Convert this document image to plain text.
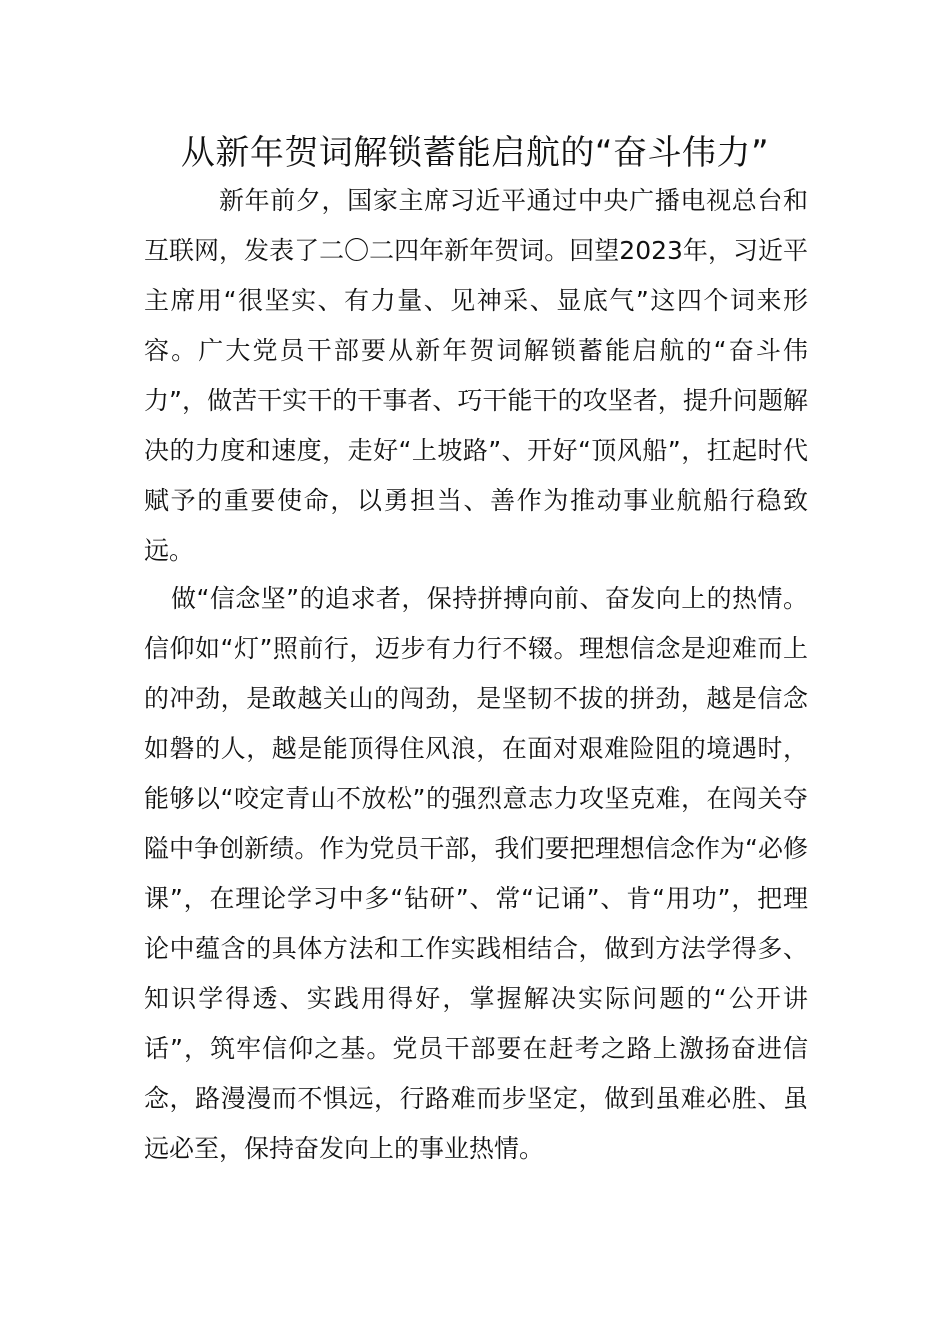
从新年贺词解锁蓄能启航的“奋斗伟力”

新年前夕，国家主席习近平通过中央广播电视总台和互联网，发表了二〇二四年新年贺词。回望2023年，习近平主席用“很坚实、有力量、见神采、显底气”这四个词来形容。广大党员干部要从新年贺词解锁蓄能启航的“奋斗伟力”，做苦干实干的干事者、巧干能干的攻坚者，提升问题解决的力度和速度，走好“上坡路”、开好“顶风船”，扛起时代赋予的重要使命，以勇担当、善作为推动事业航船行稳致远。

做“信念坚”的追求者，保持拼搏向前、奋发向上的热情。信仰如“灯”照前行，迈步有力行不辍。理想信念是迎难而上的冲劲，是敢越关山的闯劲，是坚韧不拔的拼劲，越是信念如磐的人，越是能顶得住风浪，在面对艰难险阻的境遇时，能够以“咬定青山不放松”的强烈意志力攻坚克难，在闯关夺隘中争创新绩。作为党员干部，我们要把理想信念作为“必修课”，在理论学习中多“钻研”、常“记诵”、肯“用功”，把理论中蕴含的具体方法和工作实践相结合，做到方法学得多、知识学得透、实践用得好，掌握解决实际问题的“公开讲话”，筑牢信仰之基。党员干部要在赶考之路上激扬奋进信念，路漫漫而不惧远，行路难而步坚定，做到虽难必胜、虽远必至，保持奋发向上的事业热情。
